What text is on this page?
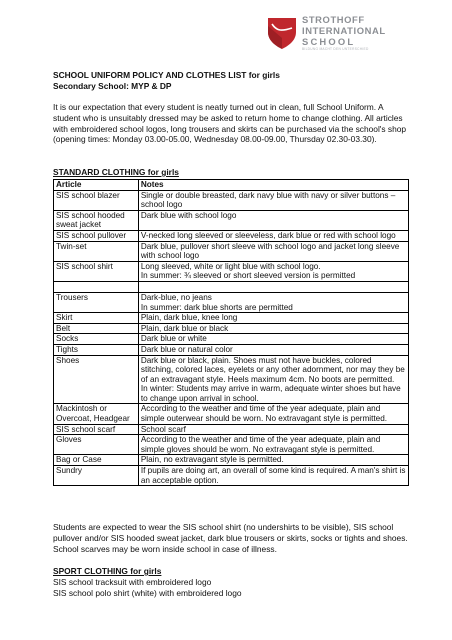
STROTHOFF
INTERNATIONAL
SCHOOL
BILDUNG MACHT DEN UNTERSCHIED
SCHOOL UNIFORM POLICY AND CLOTHES LIST for girls
Secondary School: MYP & DP
It is our expectation that every student is neatly turned out in clean, full School Uniform. A student who is unsuitably dressed may be asked to return home to change clothing. All articles with embroidered school logos, long trousers and skirts can be purchased via the school's shop (opening times: Monday 03.00-05.00, Wednesday 08.00-09.00, Thursday 02.30-03.30).
STANDARD CLOTHING for girls
Article	Notes
SIS school blazer	Single or double breasted, dark navy blue with navy or silver buttons – school logo
SIS school hooded sweat jacket	Dark blue with school logo
SIS school pullover	V-necked long sleeved or sleeveless, dark blue or red with school logo
Twin-set	Dark blue, pullover short sleeve with school logo and jacket long sleeve with school logo
SIS school shirt	Long sleeved, white or light blue with school logo.
In summer: ¾ sleeved or short sleeved version is permitted

Trousers	Dark-blue, no jeans
In summer: dark blue shorts are permitted

Skirt	Plain, dark blue, knee long
Belt	Plain, dark blue or black
Socks	Dark blue or white
Tights	Dark blue or natural color
Shoes	Dark blue or black, plain. Shoes must not have buckles, colored stitching, colored laces, eyelets or any other adornment, nor may they be of an extravagant style. Heels maximum 4cm. No boots are permitted.
In winter: Students may arrive in warm, adequate winter shoes but have to change upon arrival in school.

Mackintosh or Overcoat, Headgear	According to the weather and time of the year adequate, plain and simple outerwear should be worn. No extravagant style is permitted.
SIS school scarf	School scarf
Gloves	According to the weather and time of the year adequate, plain and simple gloves should be worn. No extravagant style is permitted.
Bag or Case	Plain, no extravagant style is permitted.
Sundry	If pupils are doing art, an overall of some kind is required. A man's shirt is an acceptable option.
Students are expected to wear the SIS school shirt (no undershirts to be visible), SIS school pullover and/or SIS hooded sweat jacket, dark blue trousers or skirts, socks or tights and shoes. School scarves may be worn inside school in case of illness.
SPORT CLOTHING for girls
SIS school tracksuit with embroidered logo
SIS school polo shirt (white) with embroidered logo
